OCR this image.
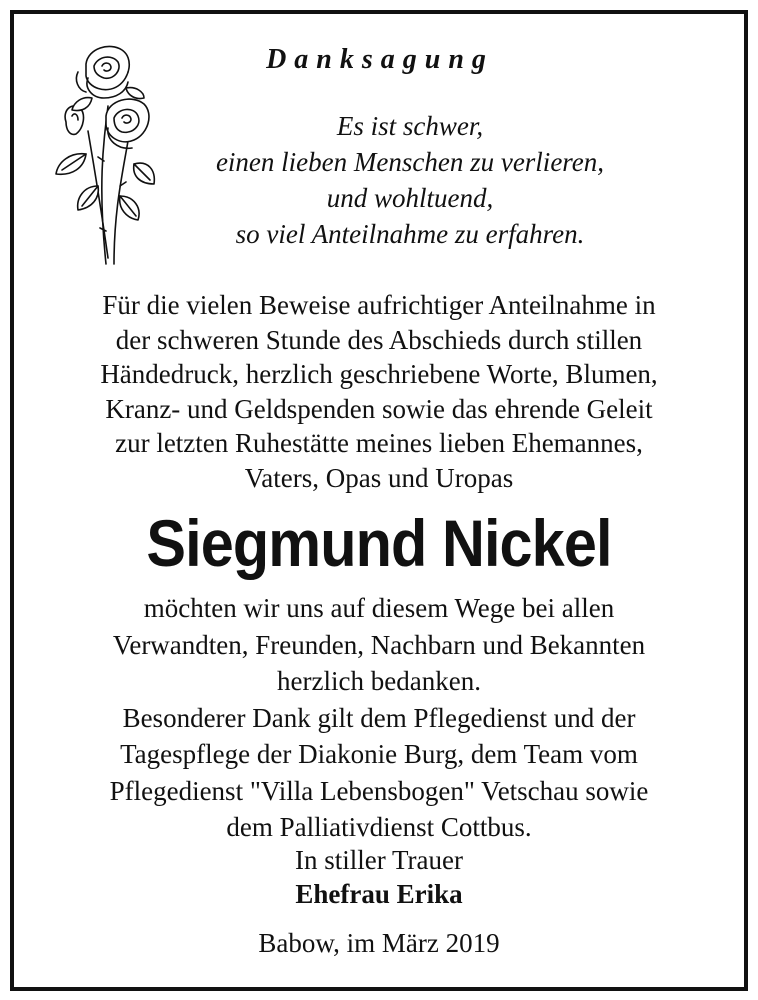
Danksagung
Es ist schwer,
einen lieben Menschen zu verlieren,
und wohltuend,
so viel Anteilnahme zu erfahren.
Für die vielen Beweise aufrichtiger Anteilnahme in
der schweren Stunde des Abschieds durch stillen
Händedruck, herzlich geschriebene Worte, Blumen,
Kranz- und Geldspenden sowie das ehrende Geleit
zur letzten Ruhestätte meines lieben Ehemannes,
Vaters, Opas und Uropas
Siegmund Nickel
möchten wir uns auf diesem Wege bei allen
Verwandten, Freunden, Nachbarn und Bekannten
herzlich bedanken.
Besonderer Dank gilt dem Pflegedienst und der
Tagespflege der Diakonie Burg, dem Team vom
Pflegedienst "Villa Lebensbogen" Vetschau sowie
dem Palliativdienst Cottbus.
In stiller Trauer
Ehefrau Erika
Babow, im März 2019
